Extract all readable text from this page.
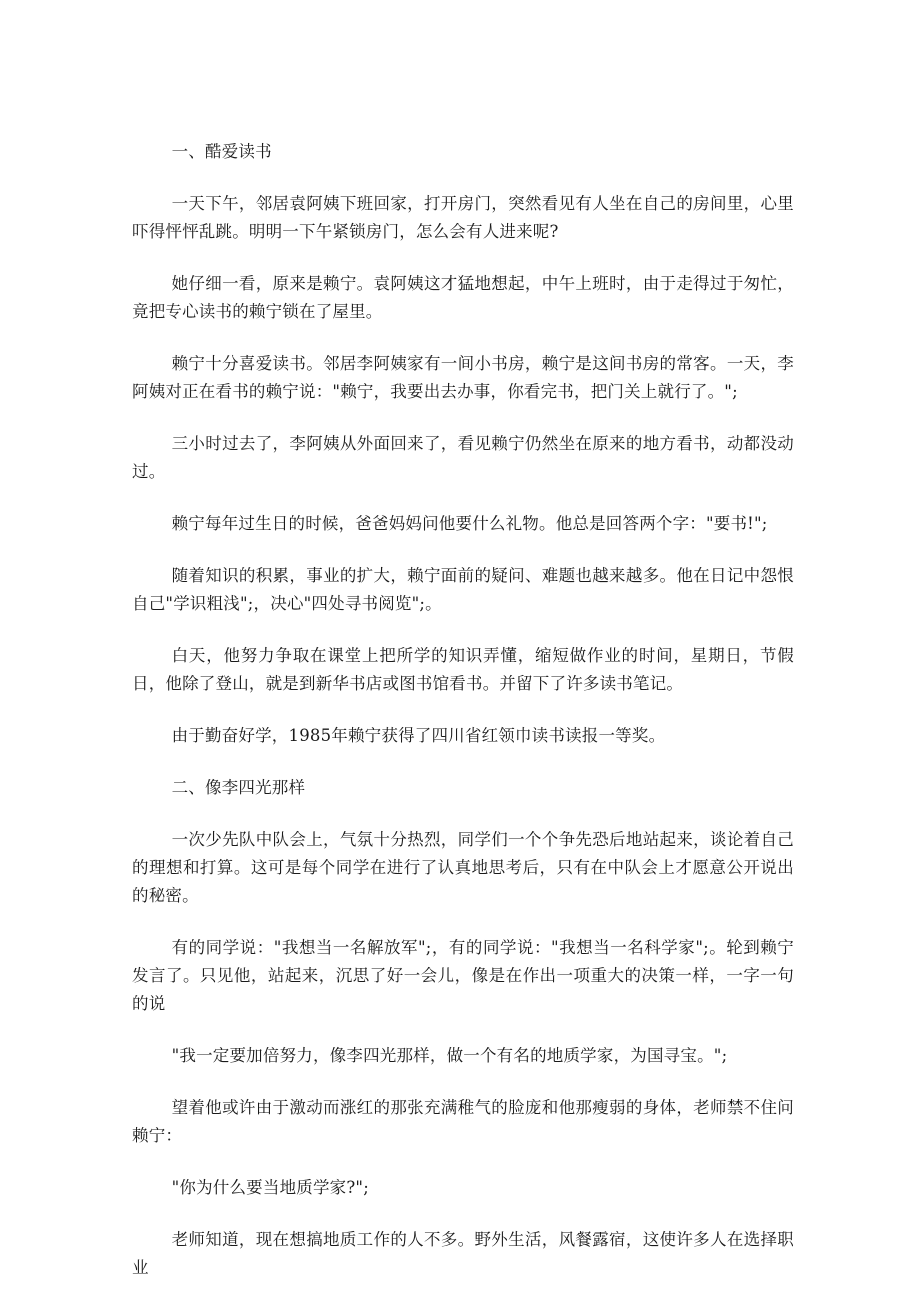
一、酷爱读书

一天下午，邻居袁阿姨下班回家，打开房门，突然看见有人坐在自己的房间里，心里吓得怦怦乱跳。明明一下午紧锁房门，怎么会有人进来呢?

她仔细一看，原来是赖宁。袁阿姨这才猛地想起，中午上班时，由于走得过于匆忙，竟把专心读书的赖宁锁在了屋里。

赖宁十分喜爱读书。邻居李阿姨家有一间小书房，赖宁是这间书房的常客。一天，李阿姨对正在看书的赖宁说："赖宁，我要出去办事，你看完书，把门关上就行了。";

三小时过去了，李阿姨从外面回来了，看见赖宁仍然坐在原来的地方看书，动都没动过。

赖宁每年过生日的时候，爸爸妈妈问他要什么礼物。他总是回答两个字："要书!";

随着知识的积累，事业的扩大，赖宁面前的疑问、难题也越来越多。他在日记中怨恨自己"学识粗浅";，决心"四处寻书阅览";。

白天，他努力争取在课堂上把所学的知识弄懂，缩短做作业的时间，星期日，节假日，他除了登山，就是到新华书店或图书馆看书。并留下了许多读书笔记。

由于勤奋好学，1985年赖宁获得了四川省红领巾读书读报一等奖。

二、像李四光那样

一次少先队中队会上，气氛十分热烈，同学们一个个争先恐后地站起来，谈论着自己的理想和打算。这可是每个同学在进行了认真地思考后，只有在中队会上才愿意公开说出的秘密。

有的同学说："我想当一名解放军";，有的同学说："我想当一名科学家";。轮到赖宁发言了。只见他，站起来，沉思了好一会儿，像是在作出一项重大的决策一样，一字一句的说

"我一定要加倍努力，像李四光那样，做一个有名的地质学家，为国寻宝。";

望着他或许由于激动而涨红的那张充满稚气的脸庞和他那瘦弱的身体，老师禁不住问赖宁：

"你为什么要当地质学家?";

老师知道，现在想搞地质工作的人不多。野外生活，风餐露宿，这使许多人在选择职业
